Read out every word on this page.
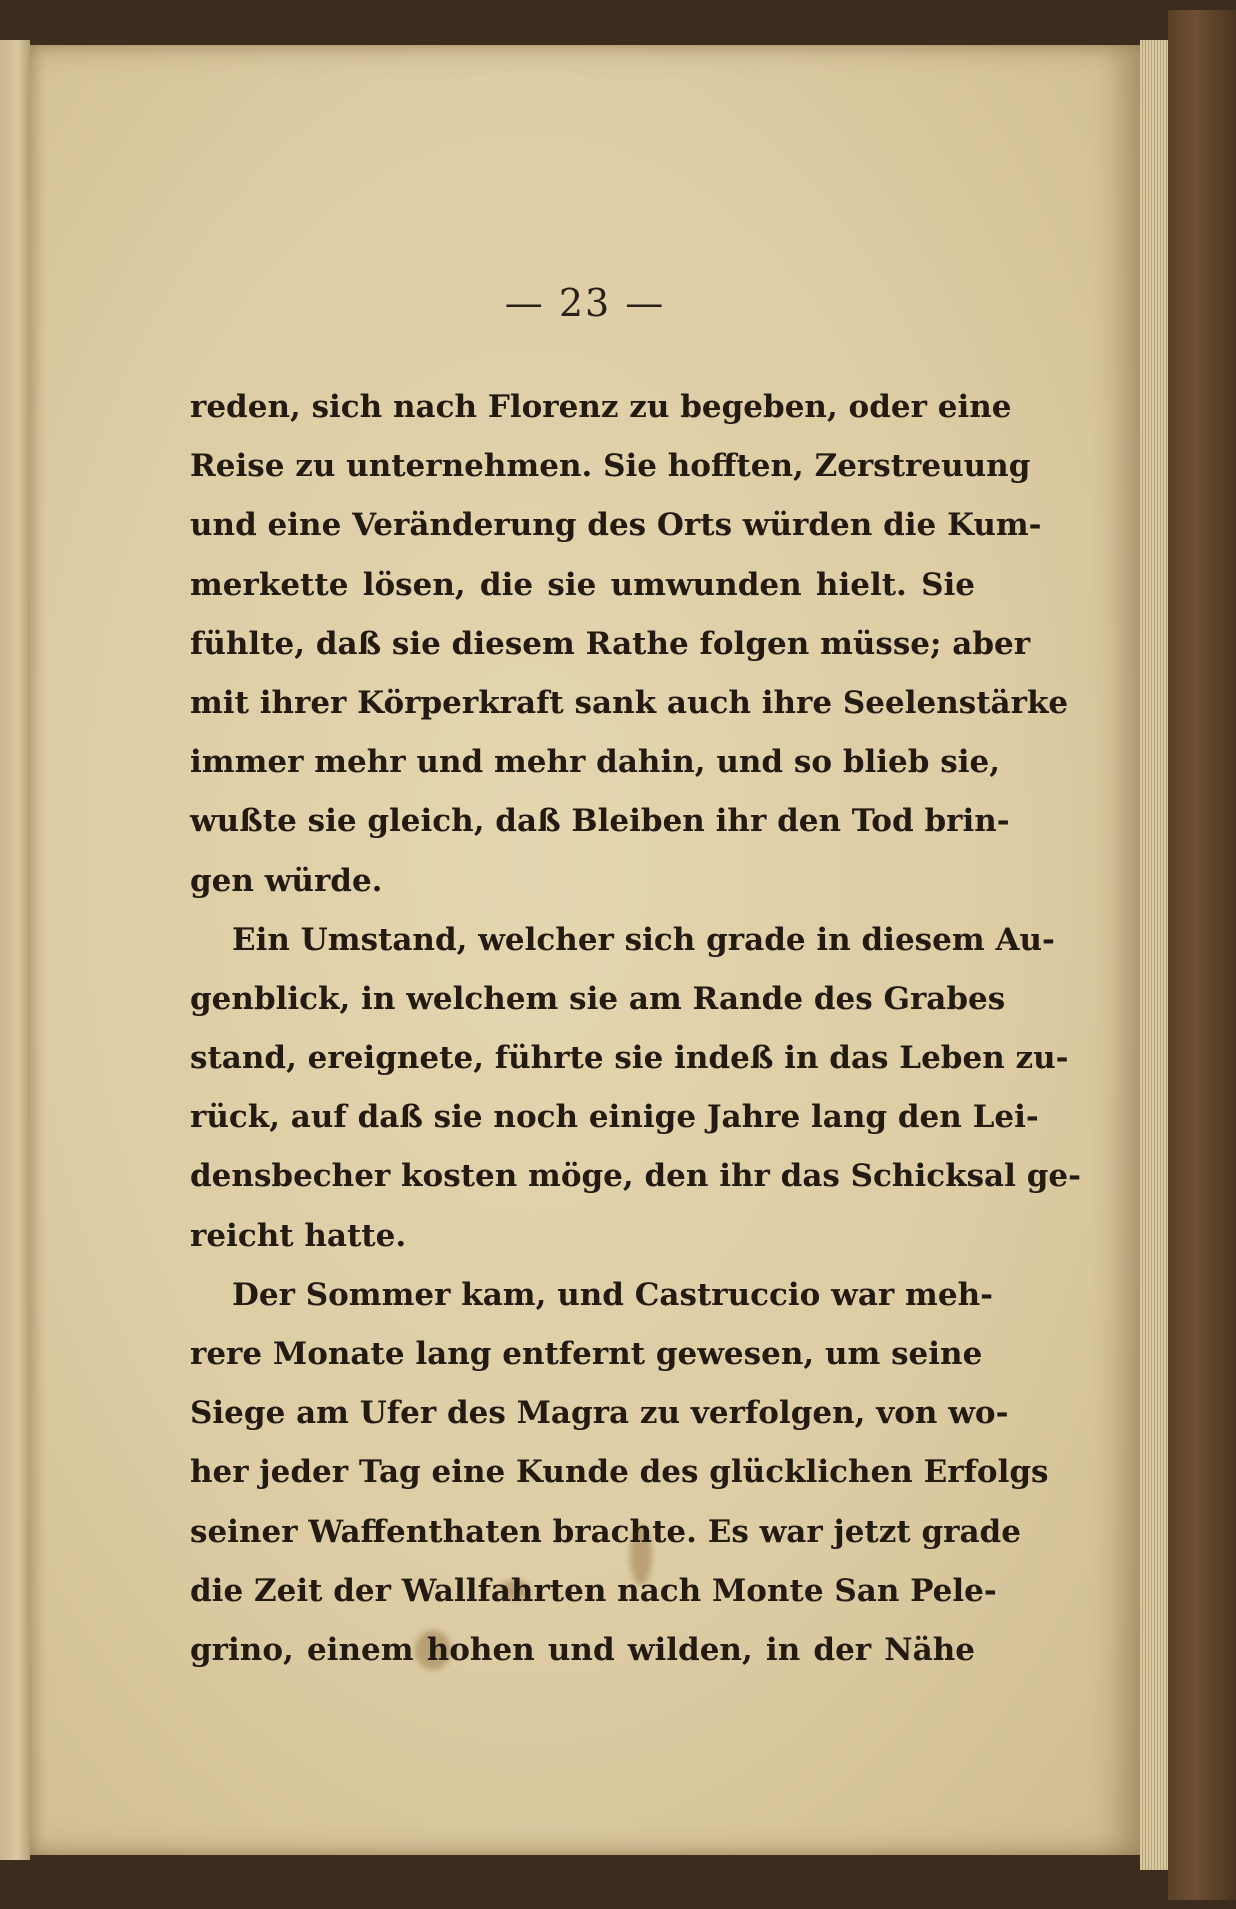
— 23 —
reden, sich nach Florenz zu begeben, oder eine
Reise zu unternehmen. Sie hofften, Zerstreuung
und eine Veränderung des Orts würden die Kum-
merkette lösen, die sie umwunden hielt. Sie
fühlte, daß sie diesem Rathe folgen müsse; aber
mit ihrer Körperkraft sank auch ihre Seelenstärke
immer mehr und mehr dahin, und so blieb sie,
wußte sie gleich, daß Bleiben ihr den Tod brin-
gen würde.
Ein Umstand, welcher sich grade in diesem Au-
genblick, in welchem sie am Rande des Grabes
stand, ereignete, führte sie indeß in das Leben zu-
rück, auf daß sie noch einige Jahre lang den Lei-
densbecher kosten möge, den ihr das Schicksal ge-
reicht hatte.
Der Sommer kam, und Castruccio war meh-
rere Monate lang entfernt gewesen, um seine
Siege am Ufer des Magra zu verfolgen, von wo-
her jeder Tag eine Kunde des glücklichen Erfolgs
seiner Waffenthaten brachte. Es war jetzt grade
die Zeit der Wallfahrten nach Monte San Pele-
grino, einem hohen und wilden, in der Nähe
